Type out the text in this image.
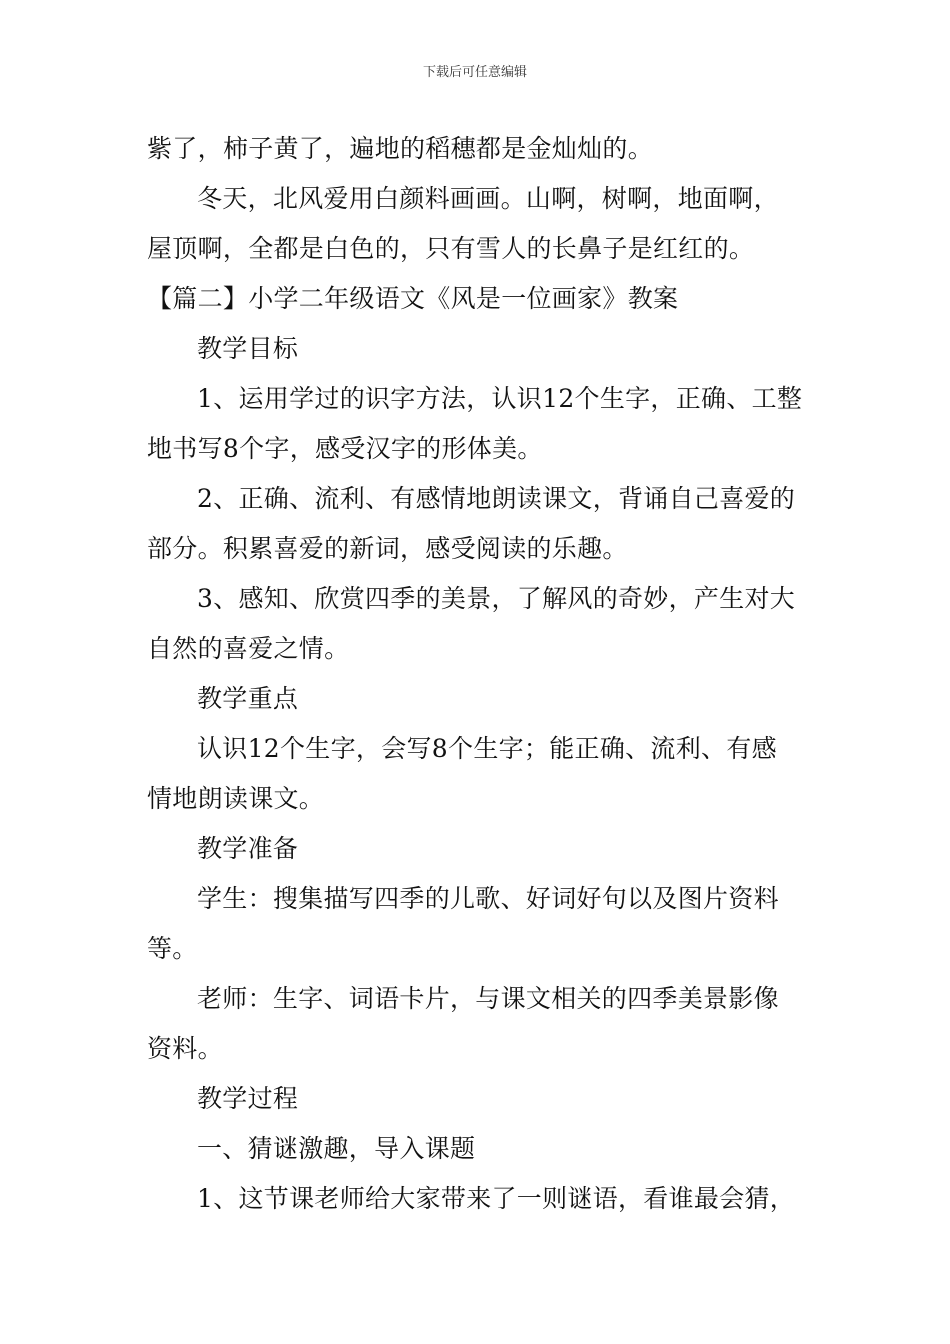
下载后可任意编辑
紫了，柿子黄了，遍地的稻穗都是金灿灿的。
冬天，北风爱用白颜料画画。山啊，树啊，地面啊，
屋顶啊，全都是白色的，只有雪人的长鼻子是红红的。
【篇二】小学二年级语文《风是一位画家》教案
教学目标
1、运用学过的识字方法，认识12个生字，正确、工整
地书写8个字，感受汉字的形体美。
2、正确、流利、有感情地朗读课文，背诵自己喜爱的
部分。积累喜爱的新词，感受阅读的乐趣。
3、感知、欣赏四季的美景，了解风的奇妙，产生对大
自然的喜爱之情。
教学重点
认识12个生字，会写8个生字；能正确、流利、有感
情地朗读课文。
教学准备
学生：搜集描写四季的儿歌、好词好句以及图片资料
等。
老师：生字、词语卡片，与课文相关的四季美景影像
资料。
教学过程
一、猜谜激趣，导入课题
1、这节课老师给大家带来了一则谜语，看谁最会猜，
